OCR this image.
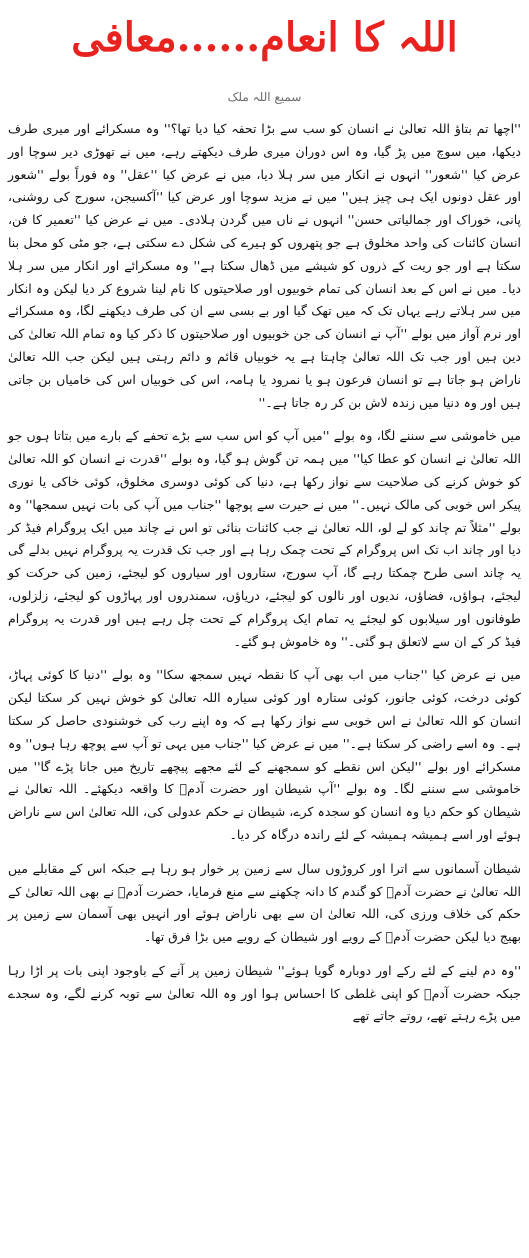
اللہ کا انعام......معافی
سمیع اللہ ملک

''اچھا تم بتاؤ اللہ تعالیٰ نے انسان کو سب سے بڑا تحفہ کیا دیا تھا؟'' وہ مسکرائے اور میری طرف دیکھا، میں سوچ میں پڑ گیا، وہ اس دوران میری طرف دیکھتے رہے، میں نے تھوڑی دیر سوچا اور عرض کیا ''شعور'' انہوں نے انکار میں سر ہلا دیا، میں نے عرض کیا ''عقل'' وہ فوراً بولے ''شعور اور عقل دونوں ایک ہی چیز ہیں'' میں نے مزید سوچا اور عرض کیا ''آکسیجن، سورج کی روشنی، پانی، خوراک اور جمالیاتی حسن'' انہوں نے ناں میں گردن ہلادی۔ میں نے عرض کیا ''تعمیر کا فن، انسان کائنات کی واحد مخلوق ہے جو پتھروں کو ہیرے کی شکل دے سکتی ہے، جو مٹی کو محل بنا سکتا ہے اور جو ریت کے ذروں کو شیشے میں ڈھال سکتا ہے'' وہ مسکرائے اور انکار میں سر ہلا دیا۔ میں نے اس کے بعد انسان کی تمام خوبیوں اور صلاحیتوں کا نام لینا شروع کر دیا لیکن وہ انکار میں سر ہلاتے رہے یہاں تک کہ میں تھک گیا اور بے بسی سے ان کی طرف دیکھنے لگا، وہ مسکرائے اور نرم آواز میں بولے ''آپ نے انسان کی جن خوبیوں اور صلاحیتوں کا ذکر کیا وہ تمام اللہ تعالیٰ کی دین ہیں اور جب تک اللہ تعالیٰ چاہتا ہے یہ خوبیاں قائم و دائم رہتی ہیں لیکن جب اللہ تعالیٰ ناراض ہو جاتا ہے تو انسان فرعون ہو یا نمرود یا ہامہ، اس کی خوبیاں اس کی خامیاں بن جاتی ہیں اور وہ دنیا میں زندہ لاش بن کر رہ جاتا ہے۔''

میں خاموشی سے سننے لگا، وہ بولے ''میں آپ کو اس سب سے بڑے تحفے کے بارے میں بتاتا ہوں جو اللہ تعالیٰ نے انسان کو عطا کیا'' میں ہمہ تن گوش ہو گیا، وہ بولے ''قدرت نے انسان کو اللہ تعالیٰ کو خوش کرنے کی صلاحیت سے نواز رکھا ہے، دنیا کی کوئی دوسری مخلوق، کوئی خاکی یا نوری پیکر اس خوبی کی مالک نہیں۔'' میں نے حیرت سے پوچھا ''جناب میں آپ کی بات نہیں سمجھا'' وہ بولے ''مثلاً تم چاند کو لے لو، اللہ تعالیٰ نے جب کائنات بنائی تو اس نے چاند میں ایک پروگرام فیڈ کر دیا اور چاند اب تک اس پروگرام کے تحت چمک رہا ہے اور جب تک قدرت یہ پروگرام نہیں بدلے گی یہ چاند اسی طرح چمکتا رہے گا، آپ سورج، ستاروں اور سیاروں کو لیجئے، زمین کی حرکت کو لیجئے، ہواؤں، فضاؤں، ندیوں اور نالوں کو لیجئے، دریاؤں، سمندروں اور پہاڑوں کو لیجئے، زلزلوں، طوفانوں اور سیلابوں کو لیجئے یہ تمام ایک پروگرام کے تحت چل رہے ہیں اور قدرت یہ پروگرام فیڈ کر کے ان سے لاتعلق ہو گئی۔'' وہ خاموش ہو گئے۔

میں نے عرض کیا ''جناب میں اب بھی آپ کا نقطہ نہیں سمجھ سکا'' وہ بولے ''دنیا کا کوئی پہاڑ، کوئی درخت، کوئی جانور، کوئی ستارہ اور کوئی سیارہ اللہ تعالیٰ کو خوش نہیں کر سکتا لیکن انسان کو اللہ تعالیٰ نے اس خوبی سے نواز رکھا ہے کہ وہ اپنے رب کی خوشنودی حاصل کر سکتا ہے۔ وہ اسے راضی کر سکتا ہے۔'' میں نے عرض کیا ''جناب میں یہی تو آپ سے پوچھ رہا ہوں'' وہ مسکرائے اور بولے ''لیکن اس نقطے کو سمجھنے کے لئے مجھے پیچھے تاریخ میں جانا پڑے گا'' میں خاموشی سے سننے لگا۔ وہ بولے ''آپ شیطان اور حضرت آدمؑ کا واقعہ دیکھئے۔ اللہ تعالیٰ نے شیطان کو حکم دیا وہ انسان کو سجدہ کرے، شیطان نے حکم عدولی کی، اللہ تعالیٰ اس سے ناراض ہوئے اور اسے ہمیشہ ہمیشہ کے لئے راندہ درگاہ کر دیا۔

شیطان آسمانوں سے اترا اور کروڑوں سال سے زمین پر خوار ہو رہا ہے جبکہ اس کے مقابلے میں اللہ تعالیٰ نے حضرت آدمؑ کو گندم کا دانہ چکھنے سے منع فرمایا، حضرت آدمؑ نے بھی اللہ تعالیٰ کے حکم کی خلاف ورزی کی، اللہ تعالیٰ ان سے بھی ناراض ہوئے اور انہیں بھی آسمان سے زمین پر بھیج دیا لیکن حضرت آدمؑ کے رویے اور شیطان کے رویے میں بڑا فرق تھا۔

''وہ دم لینے کے لئے رکے اور دوبارہ گویا ہوئے'' شیطان زمین پر آنے کے باوجود اپنی بات پر اڑا رہا جبکہ حضرت آدمؑ کو اپنی غلطی کا احساس ہوا اور وہ اللہ تعالیٰ سے توبہ کرنے لگے، وہ سجدے میں پڑے رہتے تھے، روتے جاتے تھے
